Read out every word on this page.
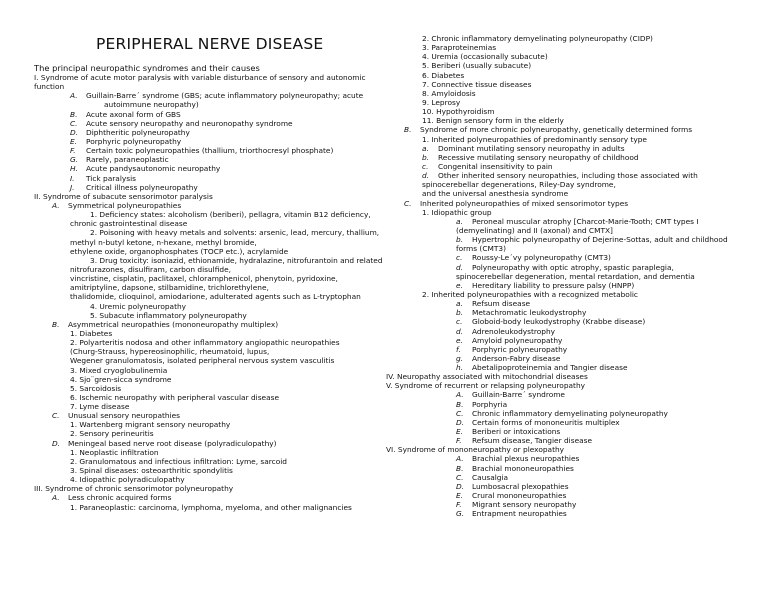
PERIPHERAL NERVE DISEASE
The principal neuropathic syndromes and their causes
I. Syndrome of acute motor paralysis with variable disturbance of sensory and autonomic
function
A. Guillain-Barre´ syndrome (GBS; acute inflammatory polyneuropathy; acute
autoimmune neuropathy)
B. Acute axonal form of GBS
C. Acute sensory neuropathy and neuronopathy syndrome
D. Diphtheritic polyneuropathy
E. Porphyric polyneuropathy
F. Certain toxic polyneuropathies (thallium, triorthocresyl phosphate)
G. Rarely, paraneoplastic
H. Acute pandysautonomic neuropathy
I. Tick paralysis
J. Critical illness polyneuropathy
II. Syndrome of subacute sensorimotor paralysis
A. Symmetrical polyneuropathies
1. Deficiency states: alcoholism (beriberi), pellagra, vitamin B12 deficiency,
chronic gastrointestinal disease
2. Poisoning with heavy metals and solvents: arsenic, lead, mercury, thallium,
methyl n-butyl ketone, n-hexane, methyl bromide,
ethylene oxide, organophosphates (TOCP etc.), acrylamide
3. Drug toxicity: isoniazid, ethionamide, hydralazine, nitrofurantoin and related
nitrofurazones, disulfiram, carbon disulfide,
vincristine, cisplatin, paclitaxel, chloramphenicol, phenytoin, pyridoxine,
amitriptyline, dapsone, stilbamidine, trichlorethylene,
thalidomide, clioquinol, amiodarione, adulterated agents such as L-tryptophan
4. Uremic polyneuropathy
5. Subacute inflammatory polyneuropathy
B. Asymmetrical neuropathies (mononeuropathy multiplex)
1. Diabetes
2. Polyarteritis nodosa and other inflammatory angiopathic neuropathies
(Churg-Strauss, hypereosinophilic, rheumatoid, lupus,
Wegener granulomatosis, isolated peripheral nervous system vasculitis
3. Mixed cryoglobulinemia
4. Sjo¨gren-sicca syndrome
5. Sarcoidosis
6. Ischemic neuropathy with peripheral vascular disease
7. Lyme disease
C. Unusual sensory neuropathies
1. Wartenberg migrant sensory neuropathy
2. Sensory perineuritis
D. Meningeal based nerve root disease (polyradiculopathy)
1. Neoplastic infiltration
2. Granulomatous and infectious infiltration: Lyme, sarcoid
3. Spinal diseases: osteoarthritic spondylitis
4. Idiopathic polyradiculopathy
III. Syndrome of chronic sensorimotor polyneuropathy
A. Less chronic acquired forms
1. Paraneoplastic: carcinoma, lymphoma, myeloma, and other malignancies
2. Chronic inflammatory demyelinating polyneuropathy (CIDP)
3. Paraproteinemias
4. Uremia (occasionally subacute)
5. Beriberi (usually subacute)
6. Diabetes
7. Connective tissue diseases
8. Amyloidosis
9. Leprosy
10. Hypothyroidism
11. Benign sensory form in the elderly
B. Syndrome of more chronic polyneuropathy, genetically determined forms
1. Inherited polyneuropathies of predominantly sensory type
a. Dominant mutilating sensory neuropathy in adults
b. Recessive mutilating sensory neuropathy of childhood
c. Congenital insensitivity to pain
d. Other inherited sensory neuropathies, including those associated with
spinocerebellar degenerations, Riley-Day syndrome,
and the universal anesthesia syndrome
C. Inherited polyneuropathies of mixed sensorimotor types
1. Idiopathic group
a. Peroneal muscular atrophy [Charcot-Marie-Tooth; CMT types I
(demyelinating) and II (axonal) and CMTX]
b. Hypertrophic polyneuropathy of Dejerine-Sottas, adult and childhood
forms (CMT3)
c. Roussy-Le´vy polyneuropathy (CMT3)
d. Polyneuropathy with optic atrophy, spastic paraplegia,
spinocerebellar degeneration, mental retardation, and dementia
e. Hereditary liability to pressure palsy (HNPP)
2. Inherited polyneuropathies with a recognized metabolic
a. Refsum disease
b. Metachromatic leukodystrophy
c. Globoid-body leukodystrophy (Krabbe disease)
d. Adrenoleukodystrophy
e. Amyloid polyneuropathy
f. Porphyric polyneuropathy
g. Anderson-Fabry disease
h. Abetalipoproteinemia and Tangier disease
IV. Neuropathy associated with mitochondrial diseases
V. Syndrome of recurrent or relapsing polyneuropathy
A. Guillain-Barre´ syndrome
B. Porphyria
C. Chronic inflammatory demyelinating polyneuropathy
D. Certain forms of mononeuritis multiplex
E. Beriberi or intoxications
F. Refsum disease, Tangier disease
VI. Syndrome of mononeuropathy or plexopathy
A. Brachial plexus neuropathies
B. Brachial mononeuropathies
C. Causalgia
D. Lumbosacral plexopathies
E. Crural mononeuropathies
F. Migrant sensory neuropathy
G. Entrapment neuropathies
